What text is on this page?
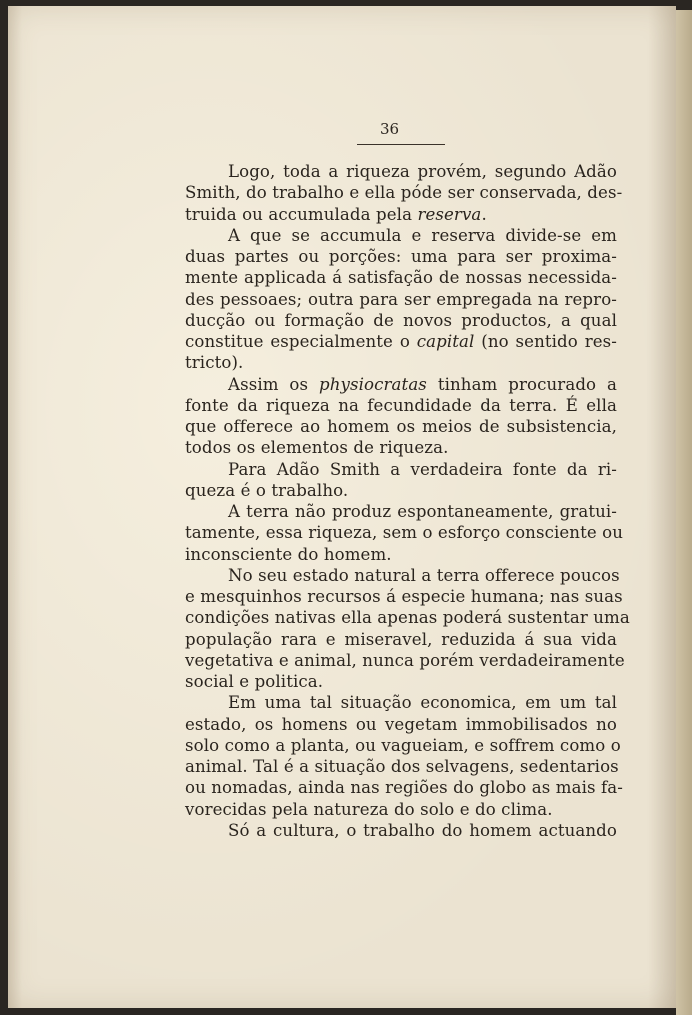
36
Logo, toda a riqueza provém, segundo Adão
Smith, do trabalho e ella póde ser conservada, des-
truida ou accumulada pela reserva.
A que se accumula e reserva divide-se em
duas partes ou porções: uma para ser proxima-
mente applicada á satisfação de nossas necessida-
des pessoaes; outra para ser empregada na repro-
ducção ou formação de novos productos, a qual
constitue especialmente o capital (no sentido res-
tricto).
Assim os physiocratas tinham procurado a
fonte da riqueza na fecundidade da terra. É ella
que offerece ao homem os meios de subsistencia,
todos os elementos de riqueza.
Para Adão Smith a verdadeira fonte da ri-
queza é o trabalho.
A terra não produz espontaneamente, gratui-
tamente, essa riqueza, sem o esforço consciente ou
inconsciente do homem.
No seu estado natural a terra offerece poucos
e mesquinhos recursos á especie humana; nas suas
condições nativas ella apenas poderá sustentar uma
população rara e miseravel, reduzida á sua vida
vegetativa e animal, nunca porém verdadeiramente
social e politica.
Em uma tal situação economica, em um tal
estado, os homens ou vegetam immobilisados no
solo como a planta, ou vagueiam, e soffrem como o
animal. Tal é a situação dos selvagens, sedentarios
ou nomadas, ainda nas regiões do globo as mais fa-
vorecidas pela natureza do solo e do clima.
Só a cultura, o trabalho do homem actuando
